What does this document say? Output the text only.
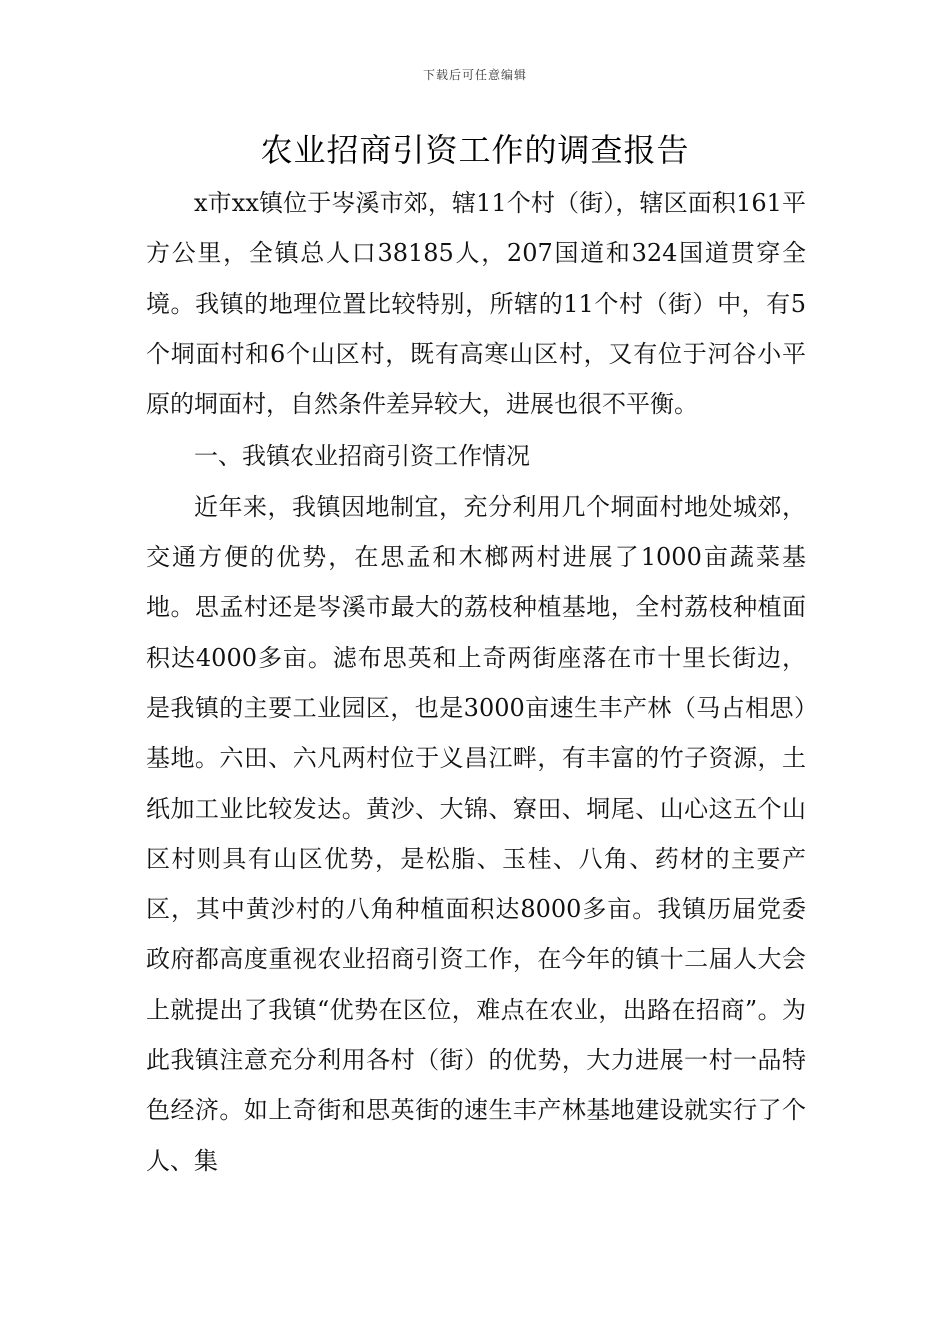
下载后可任意编辑
农业招商引资工作的调查报告

x市xx镇位于岑溪市郊，辖11个村（街），辖区面积161平方公里，全镇总人口38185人，207国道和324国道贯穿全境。我镇的地理位置比较特别，所辖的11个村（街）中，有5个垌面村和6个山区村，既有高寒山区村，又有位于河谷小平原的垌面村，自然条件差异较大，进展也很不平衡。

一、我镇农业招商引资工作情况

近年来，我镇因地制宜，充分利用几个垌面村地处城郊，交通方便的优势，在思孟和木榔两村进展了1000亩蔬菜基地。思孟村还是岑溪市最大的荔枝种植基地，全村荔枝种植面积达4000多亩。滤布思英和上奇两街座落在市十里长街边，是我镇的主要工业园区，也是3000亩速生丰产林（马占相思）基地。六田、六凡两村位于义昌江畔，有丰富的竹子资源，土纸加工业比较发达。黄沙、大锦、寮田、垌尾、山心这五个山区村则具有山区优势，是松脂、玉桂、八角、药材的主要产区，其中黄沙村的八角种植面积达8000多亩。我镇历届党委政府都高度重视农业招商引资工作，在今年的镇十二届人大会上就提出了我镇“优势在区位，难点在农业，出路在招商”。为此我镇注意充分利用各村（街）的优势，大力进展一村一品特色经济。如上奇街和思英街的速生丰产林基地建设就实行了个人、集
